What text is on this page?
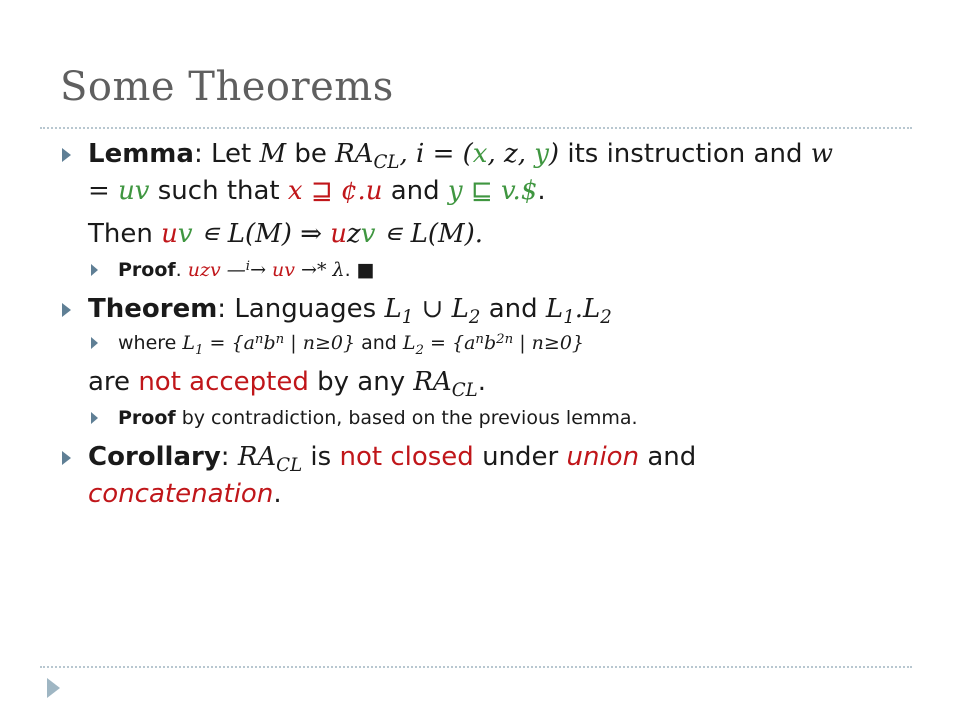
Some Theorems
Lemma: Let M be $RA_{CL}$, i = (x, z, y) its instruction and w
= uv such that x ⊒ ¢.u and y ⊑ v.$.
Then uv ∊ L(M) ⇒ uzv ∊ L(M).
Proof. uzv —$^i$→ uv →* λ. ■
Theorem: Languages $L_1$ ∪ $L_2$ and $L_1.L_2$
where $L_1 = \{a^nb^n$ | n≥0} and $L_2 = \{a^nb^{2n}$ | n≥0}
are not accepted by any $RA_{CL}$.
Proof by contradiction, based on the previous lemma.
Corollary: $RA_{CL}$ is not closed under union and
concatenation.
